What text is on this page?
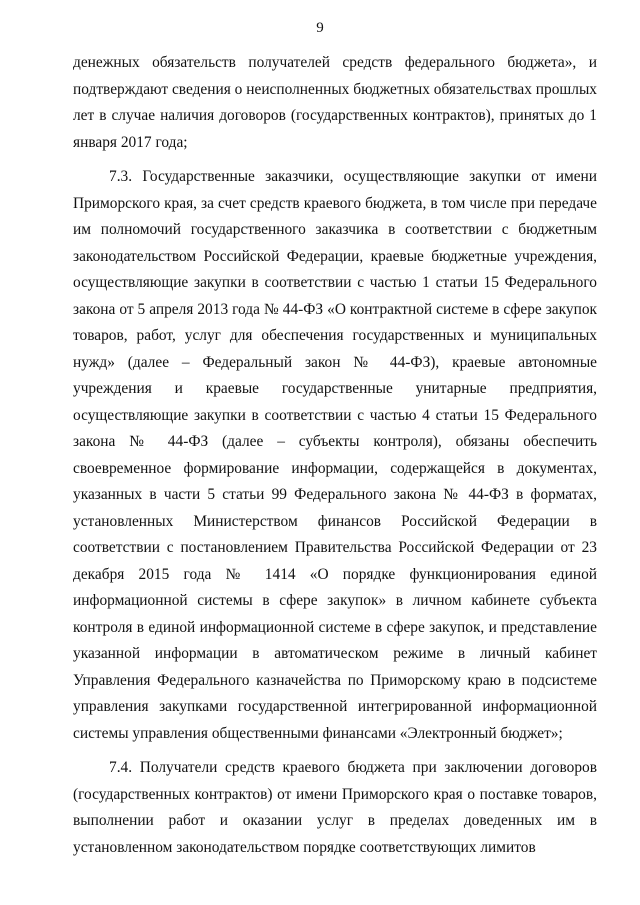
9

денежных обязательств получателей средств федерального бюджета», и подтверждают сведения о неисполненных бюджетных обязательствах прошлых лет в случае наличия договоров (государственных контрактов), принятых до 1 января 2017 года;

7.3. Государственные заказчики, осуществляющие закупки от имени Приморского края, за счет средств краевого бюджета, в том числе при передаче им полномочий государственного заказчика в соответствии с бюджетным законодательством Российской Федерации, краевые бюджетные учреждения, осуществляющие закупки в соответствии с частью 1 статьи 15 Федерального закона от 5 апреля 2013 года № 44-ФЗ «О контрактной системе в сфере закупок товаров, работ, услуг для обеспечения государственных и муниципальных нужд» (далее – Федеральный закон № 44-ФЗ), краевые автономные учреждения и краевые государственные унитарные предприятия, осуществляющие закупки в соответствии с частью 4 статьи 15 Федерального закона № 44-ФЗ (далее – субъекты контроля), обязаны обеспечить своевременное формирование информации, содержащейся в документах, указанных в части 5 статьи 99 Федерального закона № 44-ФЗ в форматах, установленных Министерством финансов Российской Федерации в соответствии с постановлением Правительства Российской Федерации от 23 декабря 2015 года № 1414 «О порядке функционирования единой информационной системы в сфере закупок» в личном кабинете субъекта контроля в единой информационной системе в сфере закупок, и представление указанной информации в автоматическом режиме в личный кабинет Управления Федерального казначейства по Приморскому краю в подсистеме управления закупками государственной интегрированной информационной системы управления общественными финансами «Электронный бюджет»;

7.4. Получатели средств краевого бюджета при заключении договоров (государственных контрактов) от имени Приморского края о поставке товаров, выполнении работ и оказании услуг в пределах доведенных им в установленном законодательством порядке соответствующих лимитов
